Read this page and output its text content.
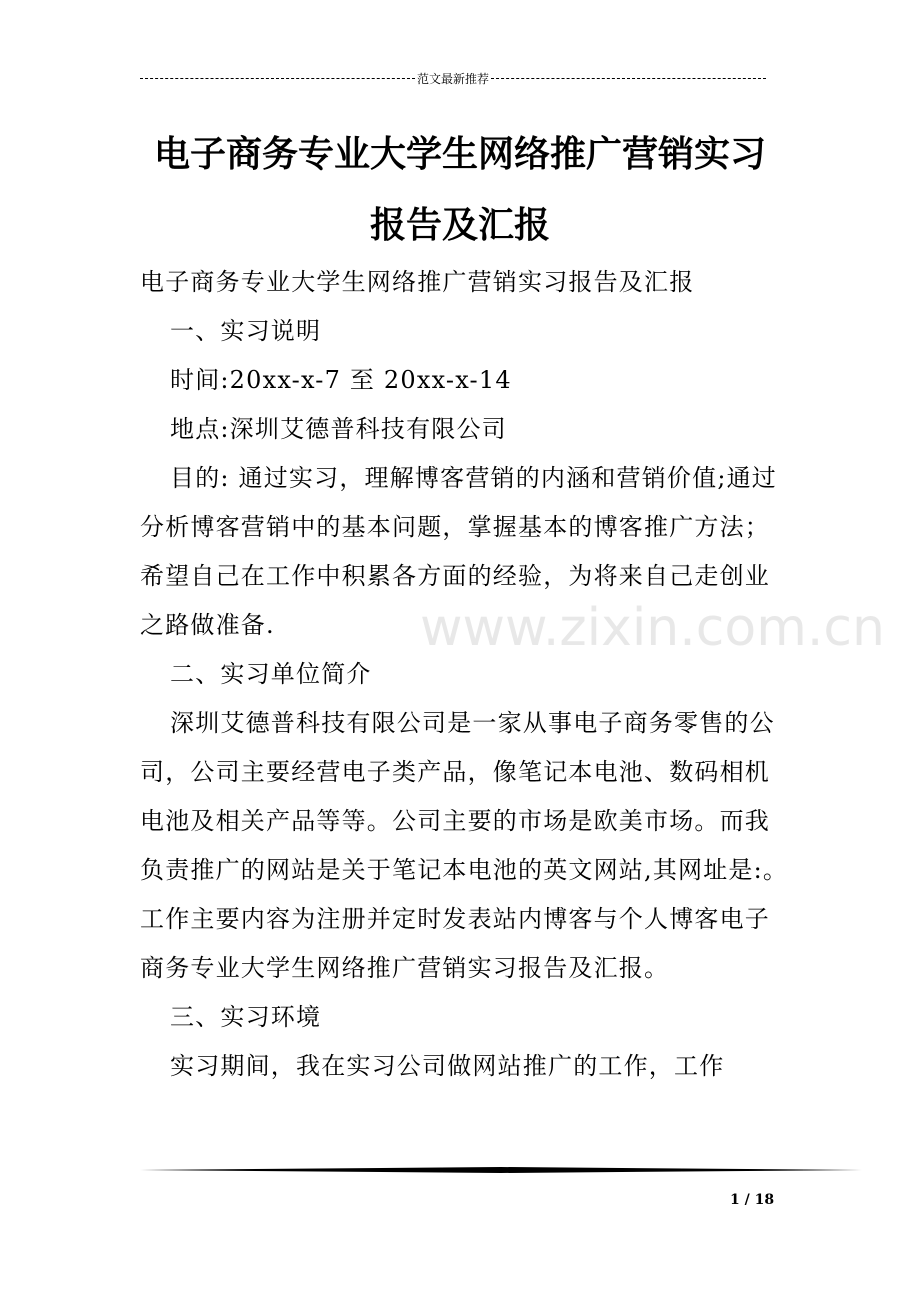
范文最新推荐
电子商务专业大学生网络推广营销实习
报告及汇报

电子商务专业大学生网络推广营销实习报告及汇报

一、实习说明

时间:20xx-x-7 至 20xx-x-14

地点:深圳艾德普科技有限公司

目的: 通过实习，理解博客营销的内涵和营销价值;通过分析博客营销中的基本问题，掌握基本的博客推广方法；希望自己在工作中积累各方面的经验，为将来自己走创业之路做准备.

二、实习单位简介

深圳艾德普科技有限公司是一家从事电子商务零售的公司，公司主要经营电子类产品，像笔记本电池、数码相机电池及相关产品等等。公司主要的市场是欧美市场。而我负责推广的网站是关于笔记本电池的英文网站,其网址是:。工作主要内容为注册并定时发表站内博客与个人博客电子商务专业大学生网络推广营销实习报告及汇报。

三、实习环境

实习期间，我在实习公司做网站推广的工作，工作

www.zixin.com.cn
1 / 18
